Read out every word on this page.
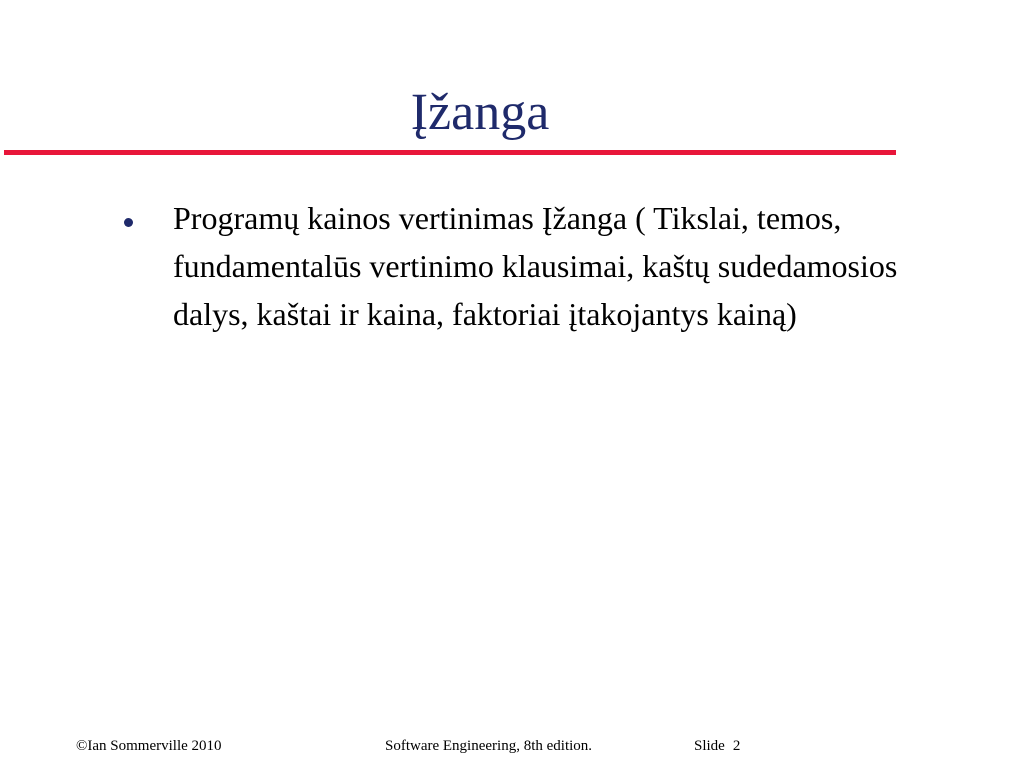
Įžanga
Programų kainos vertinimas Įžanga ( Tikslai, temos, fundamentalūs vertinimo klausimai, kaštų sudedamosios dalys, kaštai ir kaina, faktoriai įtakojantys kainą)
©Ian Sommerville 2010	Software Engineering, 8th edition.	Slide 2
